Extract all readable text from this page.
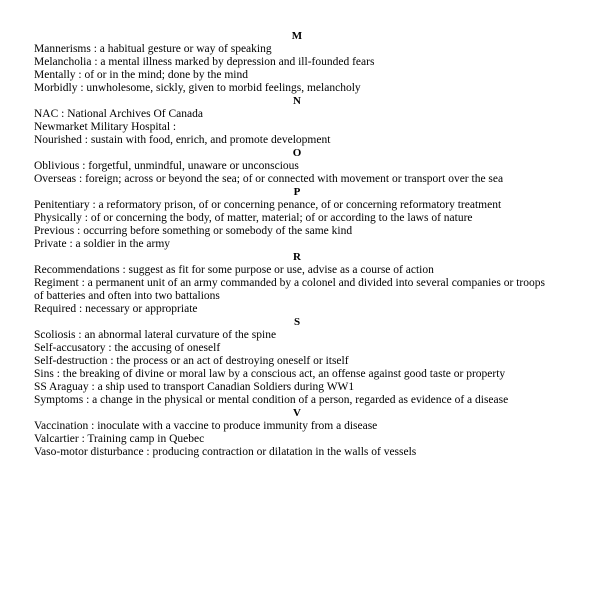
M
Mannerisms : a habitual gesture or way of speaking
Melancholia : a mental illness marked by depression and ill-founded fears
Mentally : of or in the mind; done by the mind
Morbidly : unwholesome, sickly, given to morbid feelings, melancholy
N
NAC : National Archives Of Canada
Newmarket Military Hospital :
Nourished : sustain with food, enrich, and promote development
O
Oblivious : forgetful, unmindful, unaware or unconscious
Overseas : foreign; across or beyond the sea; of or connected with movement or transport over the sea
P
Penitentiary : a reformatory prison, of or concerning penance, of or concerning reformatory treatment
Physically : of or concerning the body, of matter, material; of or according to the laws of nature
Previous : occurring before something or somebody of the same kind
Private : a soldier in the army
R
Recommendations : suggest as fit for some purpose or use, advise as a course of action
Regiment : a permanent unit of an army commanded by a colonel and divided into several companies or troops of batteries and often into two battalions
Required : necessary or appropriate
S
Scoliosis : an abnormal lateral curvature of the spine
Self-accusatory : the accusing of oneself
Self-destruction : the process or an act of destroying oneself or itself
Sins : the breaking of divine or moral law by a conscious act, an offense against good taste or property
SS Araguay : a ship used to transport Canadian Soldiers during WW1
Symptoms : a change in the physical or mental condition of a person, regarded as evidence of a disease
V
Vaccination : inoculate with a vaccine to produce immunity from a disease
Valcartier : Training camp in Quebec
Vaso-motor disturbance : producing contraction or dilatation in the walls of vessels
